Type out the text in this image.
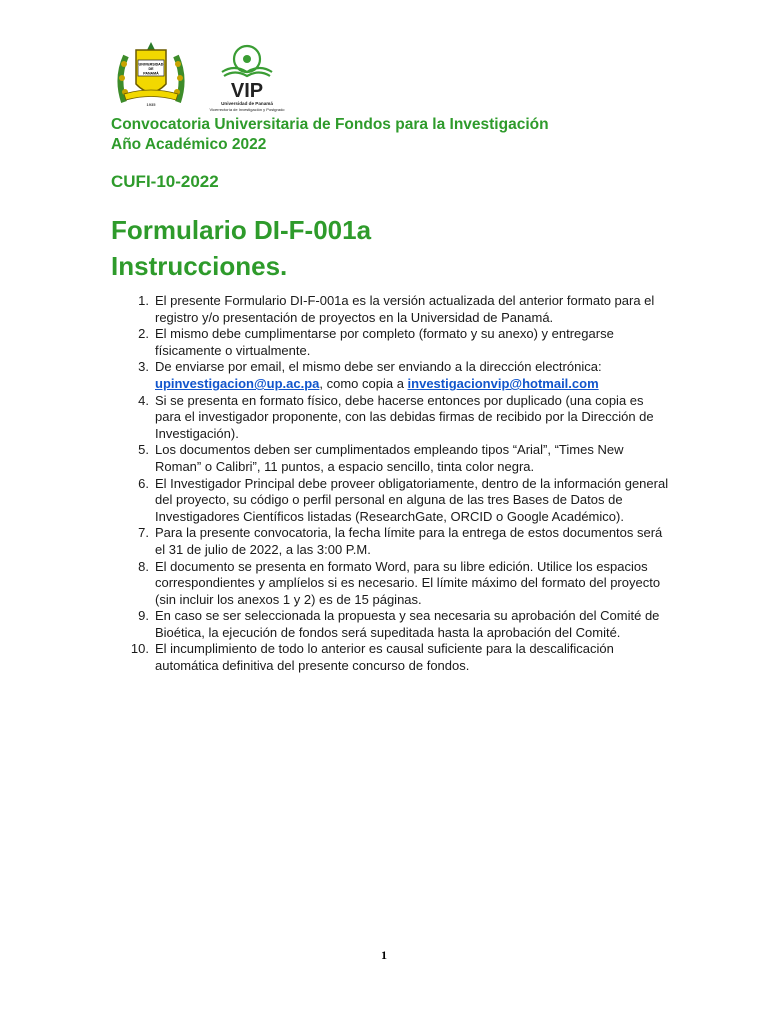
UNIVERSIDAD
DE
PANAMÁ
1935
VIP
Universidad de Panamá
Vicerrectoría de Investigación y Postgrado
Convocatoria Universitaria de Fondos para la Investigación
Año Académico 2022
CUFI-10-2022
Formulario DI-F-001a
Instrucciones.
1. El presente Formulario DI-F-001a es la versión actualizada del anterior formato para el registro y/o presentación de proyectos en la Universidad de Panamá.
2. El mismo debe cumplimentarse por completo (formato y su anexo) y entregarse físicamente o virtualmente.
3. De enviarse por email, el mismo debe ser enviando a la dirección electrónica:
upinvestigacion@up.ac.pa, como copia a investigacionvip@hotmail.com
4. Si se presenta en formato físico, debe hacerse entonces por duplicado (una copia es para el investigador proponente, con las debidas firmas de recibido por la Dirección de Investigación).
5. Los documentos deben ser cumplimentados empleando tipos “Arial”, “Times New Roman” o Calibri”, 11 puntos, a espacio sencillo, tinta color negra.
6. El Investigador Principal debe proveer obligatoriamente, dentro de la información general del proyecto, su código o perfil personal en alguna de las tres Bases de Datos de Investigadores Científicos listadas (ResearchGate, ORCID o Google Académico).
7. Para la presente convocatoria, la fecha límite para la entrega de estos documentos será el 31 de julio de 2022, a las 3:00 P.M.
8. El documento se presenta en formato Word, para su libre edición. Utilice los espacios correspondientes y amplíelos si es necesario. El límite máximo del formato del proyecto (sin incluir los anexos 1 y 2) es de 15 páginas.
9. En caso se ser seleccionada la propuesta y sea necesaria su aprobación del Comité de Bioética, la ejecución de fondos será supeditada hasta la aprobación del Comité.
10. El incumplimiento de todo lo anterior es causal suficiente para la descalificación automática definitiva del presente concurso de fondos.
1
